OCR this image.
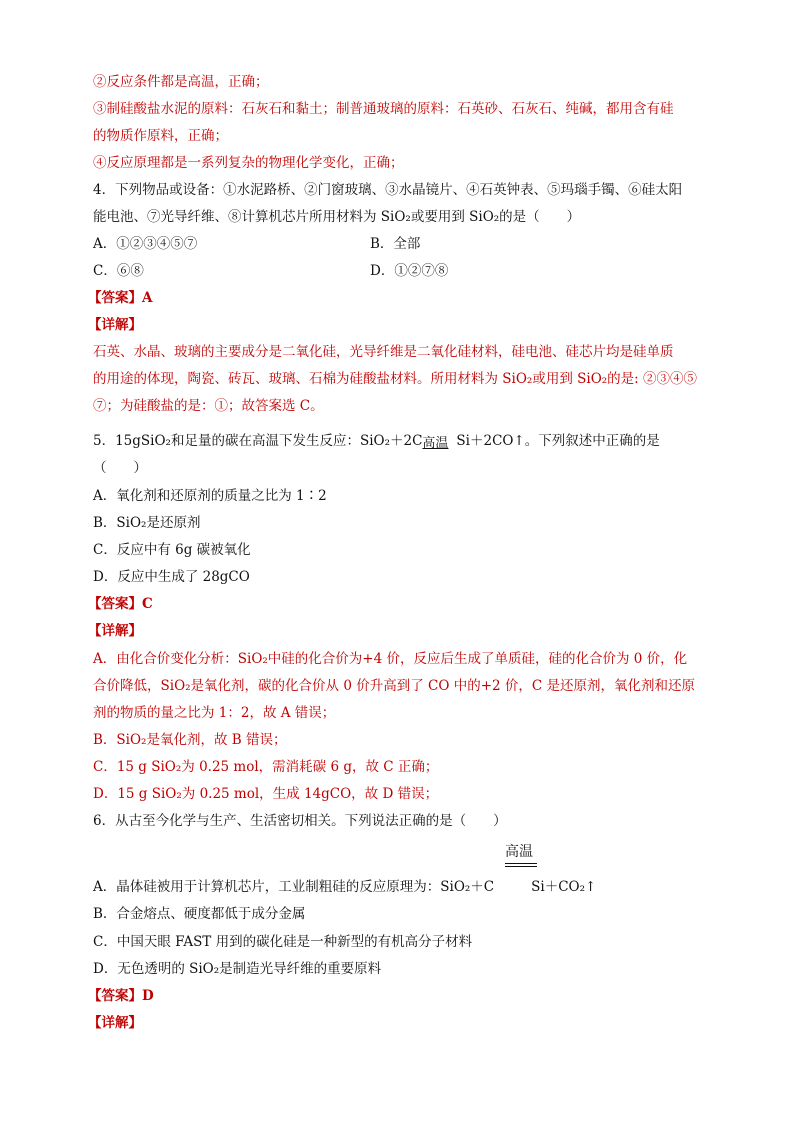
②反应条件都是高温，正确；
③制硅酸盐水泥的原料：石灰石和黏土；制普通玻璃的原料：石英砂、石灰石、纯碱，都用含有硅
的物质作原料，正确；
④反应原理都是一系列复杂的物理化学变化，正确；
4．下列物品或设备：①水泥路桥、②门窗玻璃、③水晶镜片、④石英钟表、⑤玛瑙手镯、⑥硅太阳
能电池、⑦光导纤维、⑧计算机芯片所用材料为 SiO₂或要用到 SiO₂的是（　　）
A．①②③④⑤⑦	B．全部
C．⑥⑧	D．①②⑦⑧
【答案】A
【详解】
石英、水晶、玻璃的主要成分是二氧化硅，光导纤维是二氧化硅材料，硅电池、硅芯片均是硅单质
的用途的体现，陶瓷、砖瓦、玻璃、石棉为硅酸盐材料。所用材料为 SiO₂或用到 SiO₂的是: ②③④⑤
⑦；为硅酸盐的是：①；故答案选 C。
5．15gSiO₂和足量的碳在高温下发生反应：SiO₂＋2C 高温 Si＋2CO↑。下列叙述中正确的是
（　　）
A．氧化剂和还原剂的质量之比为 1∶2
B．SiO₂是还原剂
C．反应中有 6g 碳被氧化
D．反应中生成了 28gCO
【答案】C
【详解】
A．由化合价变化分析：SiO₂中硅的化合价为+4 价，反应后生成了单质硅，硅的化合价为 0 价，化
合价降低，SiO₂是氧化剂，碳的化合价从 0 价升高到了 CO 中的+2 价，C 是还原剂，氧化剂和还原
剂的物质的量之比为 1：2，故 A 错误；
B．SiO₂是氧化剂，故 B 错误；
C．15 g SiO₂为 0.25 mol，需消耗碳 6 g，故 C 正确；
D．15 g SiO₂为 0.25 mol，生成 14gCO，故 D 错误；
6．从古至今化学与生产、生活密切相关。下列说法正确的是（　　）
高温
A．晶体硅被用于计算机芯片，工业制粗硅的反应原理为：SiO₂＋C	Si＋CO₂↑
B．合金熔点、硬度都低于成分金属
C．中国天眼 FAST 用到的碳化硅是一种新型的有机高分子材料
D．无色透明的 SiO₂是制造光导纤维的重要原料
【答案】D
【详解】
